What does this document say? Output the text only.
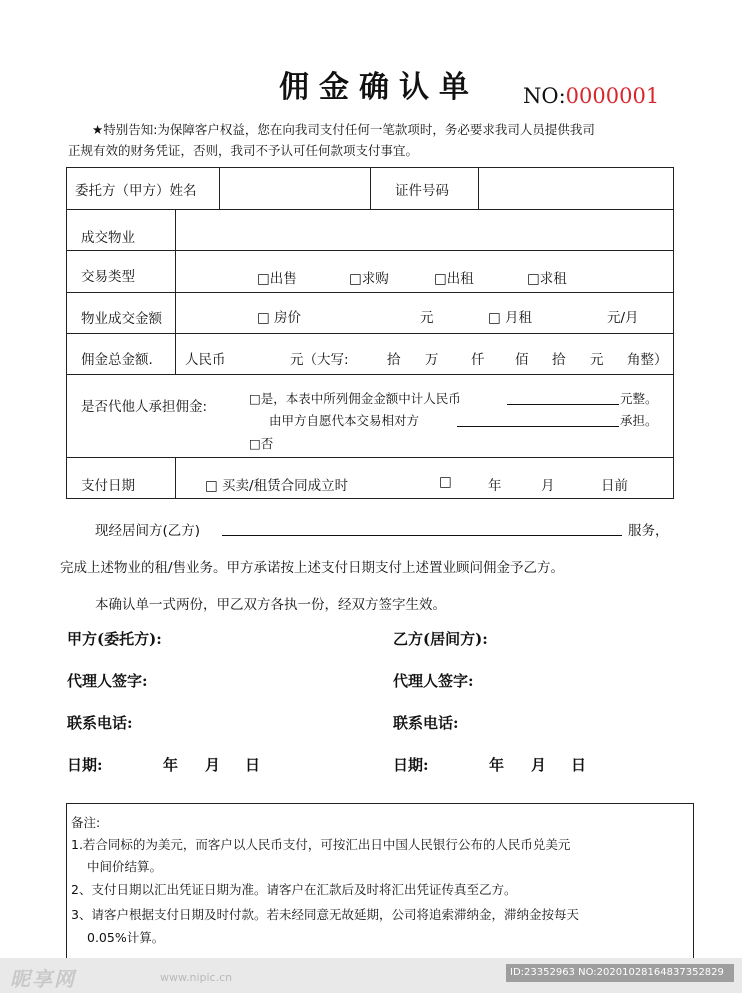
佣金确认单	NO:0000001
★特别告知:为保障客户权益，您在向我司支付任何一笔款项时，务必要求我司人员提供我司
正规有效的财务凭证，否则，我司不予认可任何款项支付事宜。
委托方（甲方）姓名	证件号码
成交物业
交易类型	□出售	□求购	□出租	□求租
物业成交金额	□ 房价	元	□ 月租	元/月
佣金总金额. 人民币	元（大写:	拾 万 仟 佰 拾 元 角整）
是否代他人承担佣金:
□是，本表中所列佣金金额中计人民币	元整。
由甲方自愿代本交易相对方	承担。
□否
支付日期	□ 买卖/租赁合同成立时	□	年	月	日前
现经居间方(乙方)	服务，
完成上述物业的租/售业务。甲方承诺按上述支付日期支付上述置业顾问佣金予乙方。
本确认单一式两份，甲乙双方各执一份，经双方签字生效。
甲方(委托方):	乙方(居间方):
代理人签字:	代理人签字:
联系电话:	联系电话:
日期:	年 月 日	日期:	年 月 日
备注:
1.若合同标的为美元，而客户以人民币支付，可按汇出日中国人民银行公布的人民币兑美元
中间价结算。
2、支付日期以汇出凭证日期为准。请客户在汇款后及时将汇出凭证传真至乙方。
3、请客户根据支付日期及时付款。若未经同意无故延期，公司将追索滞纳金，滞纳金按每天
0.05%计算。
昵享网	www.nipic.cn	ID:23352963 NO:20201028164837352829
